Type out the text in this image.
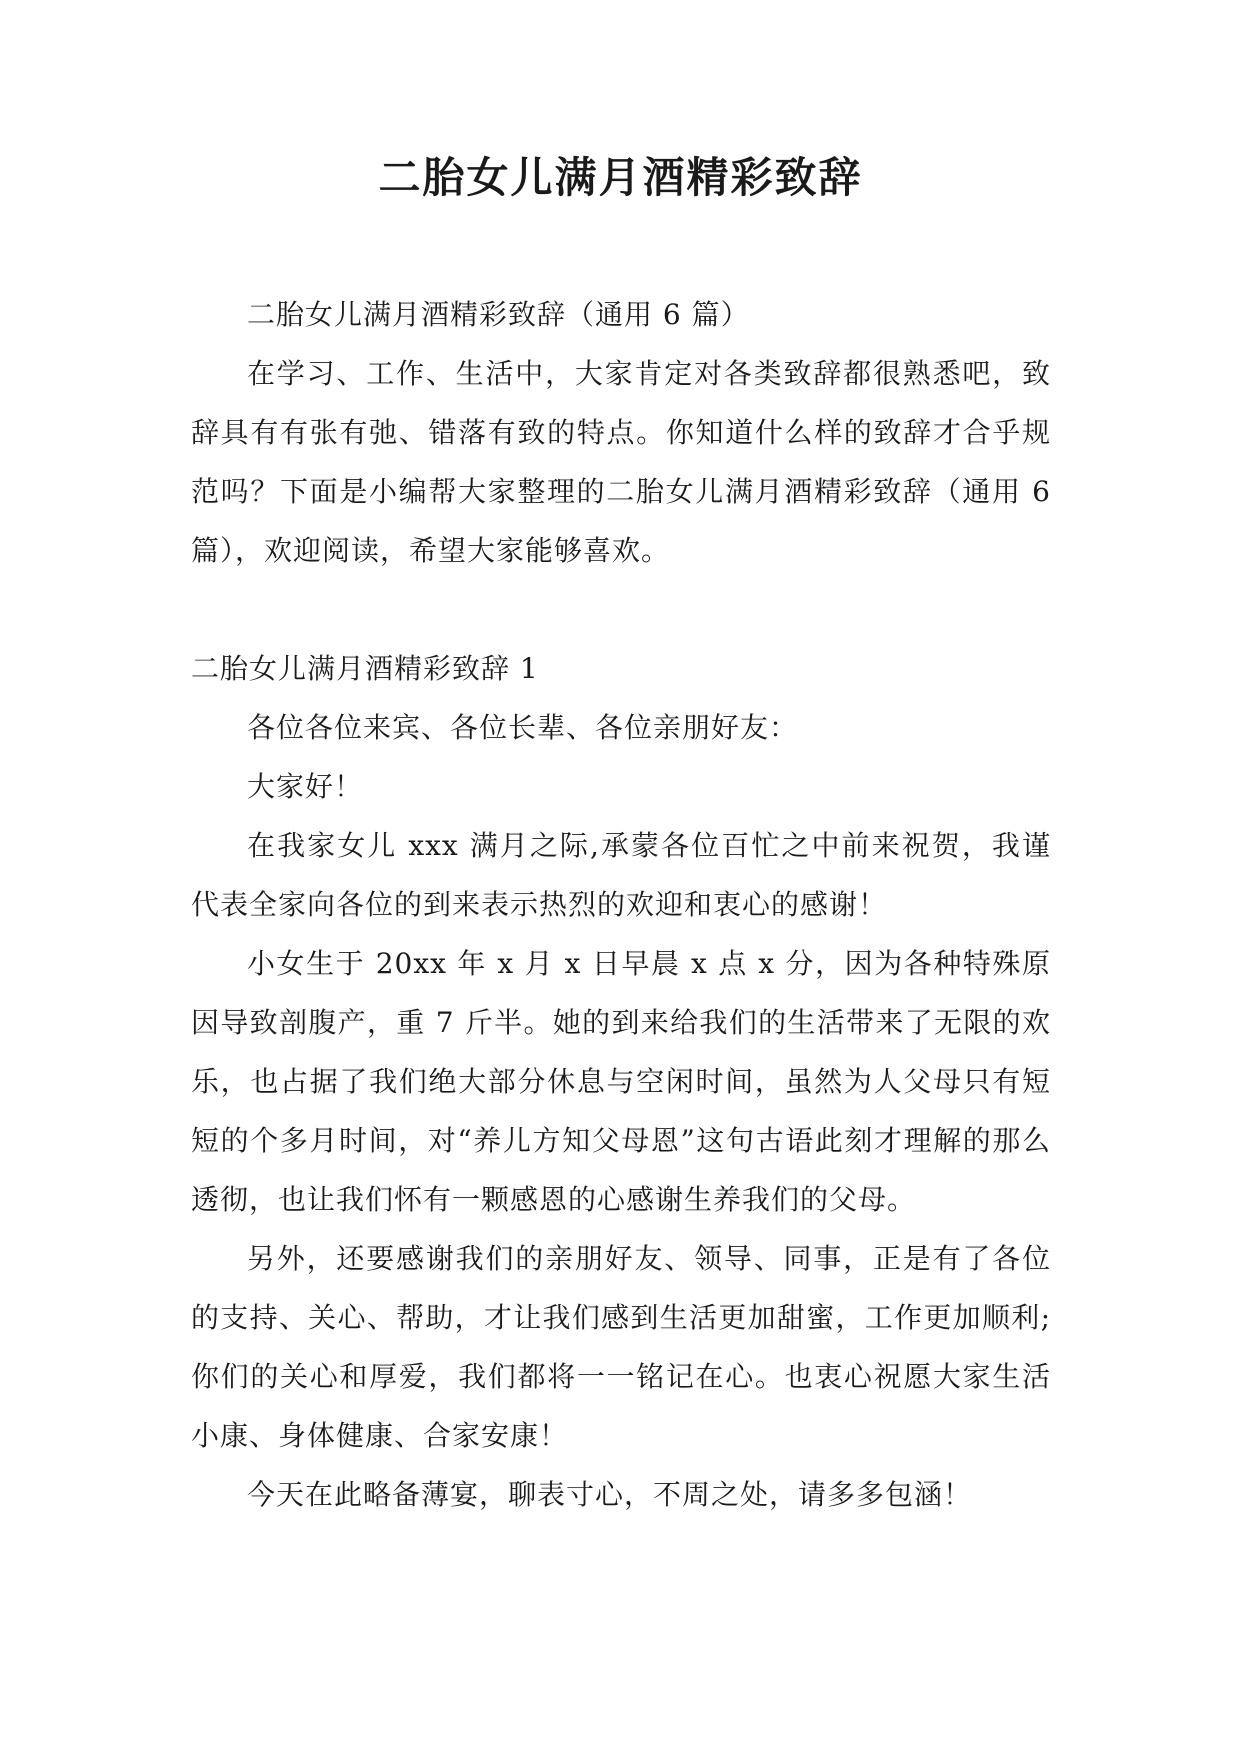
二胎女儿满月酒精彩致辞

二胎女儿满月酒精彩致辞（通用 6 篇）

在学习、工作、生活中，大家肯定对各类致辞都很熟悉吧，致辞具有有张有弛、错落有致的特点。你知道什么样的致辞才合乎规范吗？下面是小编帮大家整理的二胎女儿满月酒精彩致辞（通用 6 篇），欢迎阅读，希望大家能够喜欢。

二胎女儿满月酒精彩致辞 1

各位各位来宾、各位长辈、各位亲朋好友：

大家好！

在我家女儿 xxx 满月之际,承蒙各位百忙之中前来祝贺，我谨代表全家向各位的到来表示热烈的欢迎和衷心的感谢！

小女生于 20xx 年 x 月 x 日早晨 x 点 x 分，因为各种特殊原因导致剖腹产，重 7 斤半。她的到来给我们的生活带来了无限的欢乐，也占据了我们绝大部分休息与空闲时间，虽然为人父母只有短短的个多月时间，对“养儿方知父母恩”这句古语此刻才理解的那么透彻，也让我们怀有一颗感恩的心感谢生养我们的父母。

另外，还要感谢我们的亲朋好友、领导、同事，正是有了各位的支持、关心、帮助，才让我们感到生活更加甜蜜，工作更加顺利; 你们的关心和厚爱，我们都将一一铭记在心。也衷心祝愿大家生活小康、身体健康、合家安康！

今天在此略备薄宴，聊表寸心，不周之处，请多多包涵！
